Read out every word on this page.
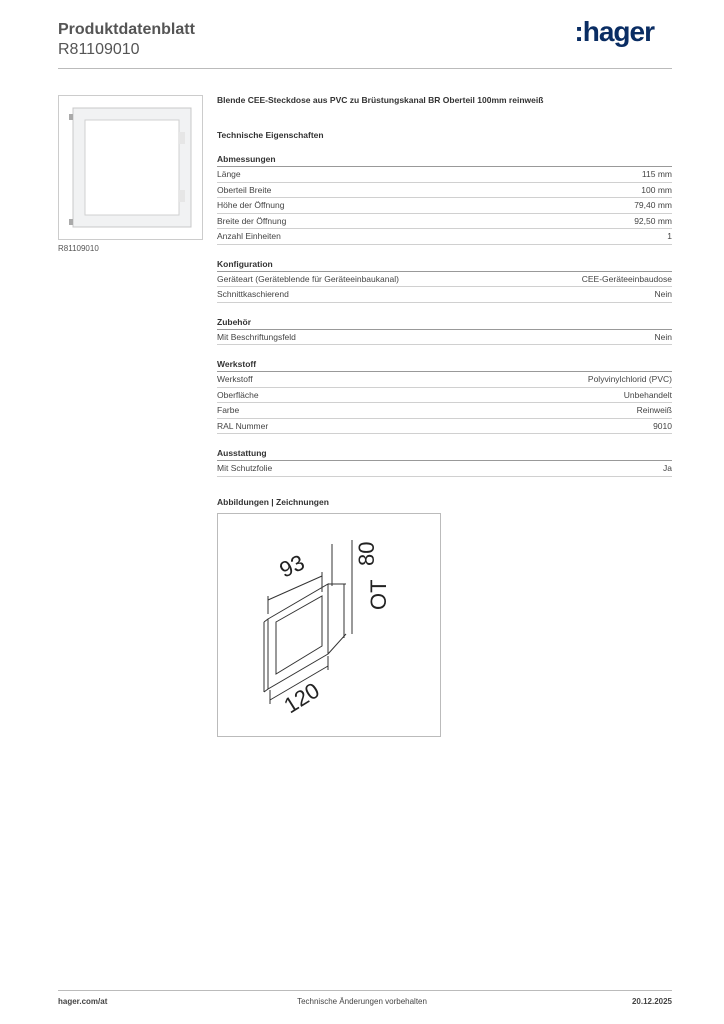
Produktdatenblatt
R81109010
:hager
R81109010
Blende CEE-Steckdose aus PVC zu Brüstungskanal BR Oberteil 100mm reinweiß
Technische Eigenschaften
Abmessungen
Länge	115 mm
Oberteil Breite	100 mm
Höhe der Öffnung	79,40 mm
Breite der Öffnung	92,50 mm
Anzahl Einheiten	1
Konfiguration
Geräteart (Geräteblende für Geräteeinbaukanal)	CEE-Geräteeinbaudose
Schnittkaschierend	Nein
Zubehör
Mit Beschriftungsfeld	Nein
Werkstoff
Werkstoff	Polyvinylchlorid (PVC)
Oberfläche	Unbehandelt
Farbe	Reinweiß
RAL Nummer	9010
Ausstattung
Mit Schutzfolie	Ja
Abbildungen | Zeichnungen
93 80
OT
120
hager.com/at	Technische Änderungen vorbehalten	20.12.2025
